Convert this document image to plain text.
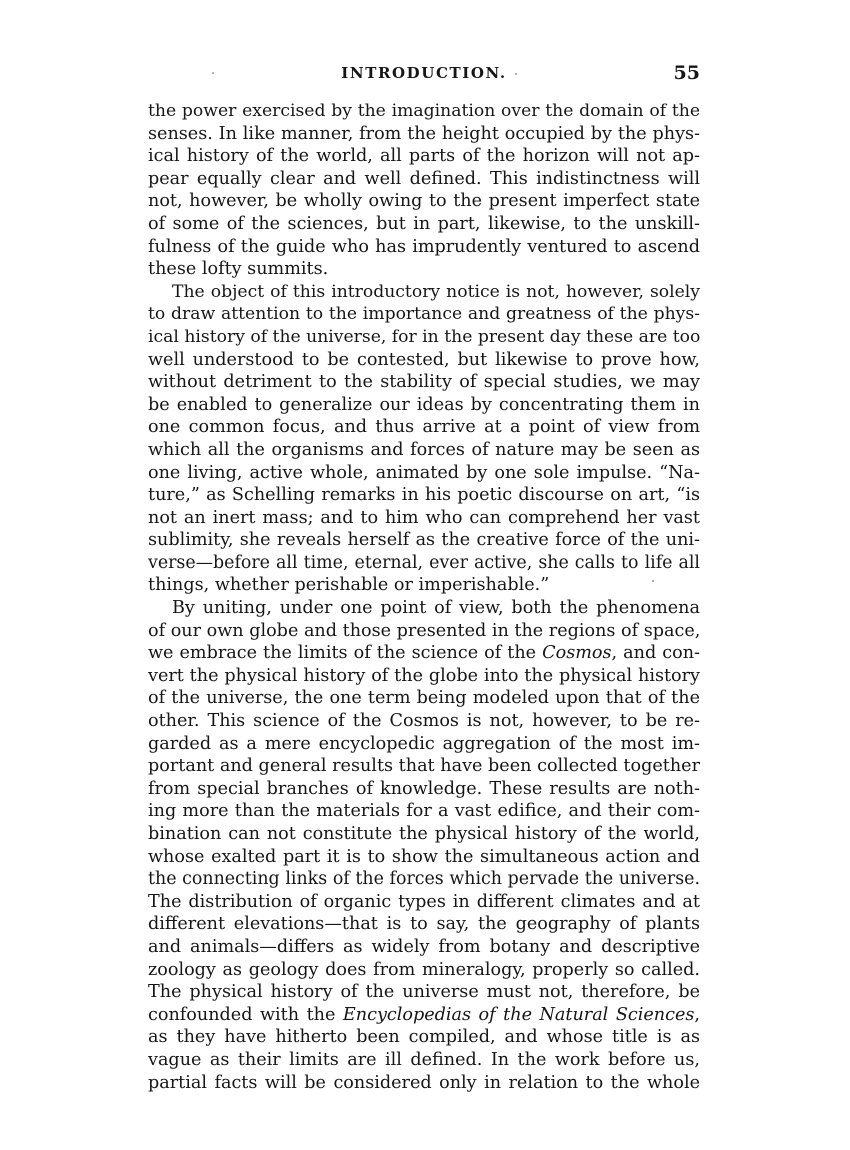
INTRODUCTION.	55
the power exercised by the imagination over the domain of the
senses. In like manner, from the height occupied by the phys-
ical history of the world, all parts of the horizon will not ap-
pear equally clear and well defined. This indistinctness will
not, however, be wholly owing to the present imperfect state
of some of the sciences, but in part, likewise, to the unskill-
fulness of the guide who has imprudently ventured to ascend
these lofty summits.
The object of this introductory notice is not, however, solely
to draw attention to the importance and greatness of the phys-
ical history of the universe, for in the present day these are too
well understood to be contested, but likewise to prove how,
without detriment to the stability of special studies, we may
be enabled to generalize our ideas by concentrating them in
one common focus, and thus arrive at a point of view from
which all the organisms and forces of nature may be seen as
one living, active whole, animated by one sole impulse. “Na-
ture,” as Schelling remarks in his poetic discourse on art, “is
not an inert mass; and to him who can comprehend her vast
sublimity, she reveals herself as the creative force of the uni-
verse—before all time, eternal, ever active, she calls to life all
things, whether perishable or imperishable.”
By uniting, under one point of view, both the phenomena
of our own globe and those presented in the regions of space,
we embrace the limits of the science of the Cosmos, and con-
vert the physical history of the globe into the physical history
of the universe, the one term being modeled upon that of the
other. This science of the Cosmos is not, however, to be re-
garded as a mere encyclopedic aggregation of the most im-
portant and general results that have been collected together
from special branches of knowledge. These results are noth-
ing more than the materials for a vast edifice, and their com-
bination can not constitute the physical history of the world,
whose exalted part it is to show the simultaneous action and
the connecting links of the forces which pervade the universe.
The distribution of organic types in different climates and at
different elevations—that is to say, the geography of plants
and animals—differs as widely from botany and descriptive
zoology as geology does from mineralogy, properly so called.
The physical history of the universe must not, therefore, be
confounded with the Encyclopedias of the Natural Sciences,
as they have hitherto been compiled, and whose title is as
vague as their limits are ill defined. In the work before us,
partial facts will be considered only in relation to the whole
